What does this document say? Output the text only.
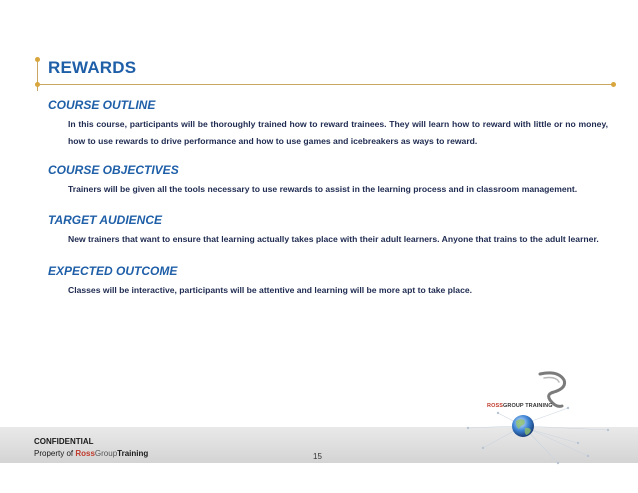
REWARDS
COURSE OUTLINE

In this course, participants will be thoroughly trained how to reward trainees. They will learn how to reward with little or no money, how to use rewards to drive performance and how to use games and icebreakers as ways to reward.

COURSE OBJECTIVES

Trainers will be given all the tools necessary to use rewards to assist in the learning process and in classroom management.

TARGET AUDIENCE

New trainers that want to ensure that learning actually takes place with their adult learners. Anyone that trains to the adult learner.

EXPECTED OUTCOME

Classes will be interactive, participants will be attentive and learning will be more apt to take place.

CONFIDENTIAL
Property of RossGroupTraining	15
ROSSGROUP TRAINING
